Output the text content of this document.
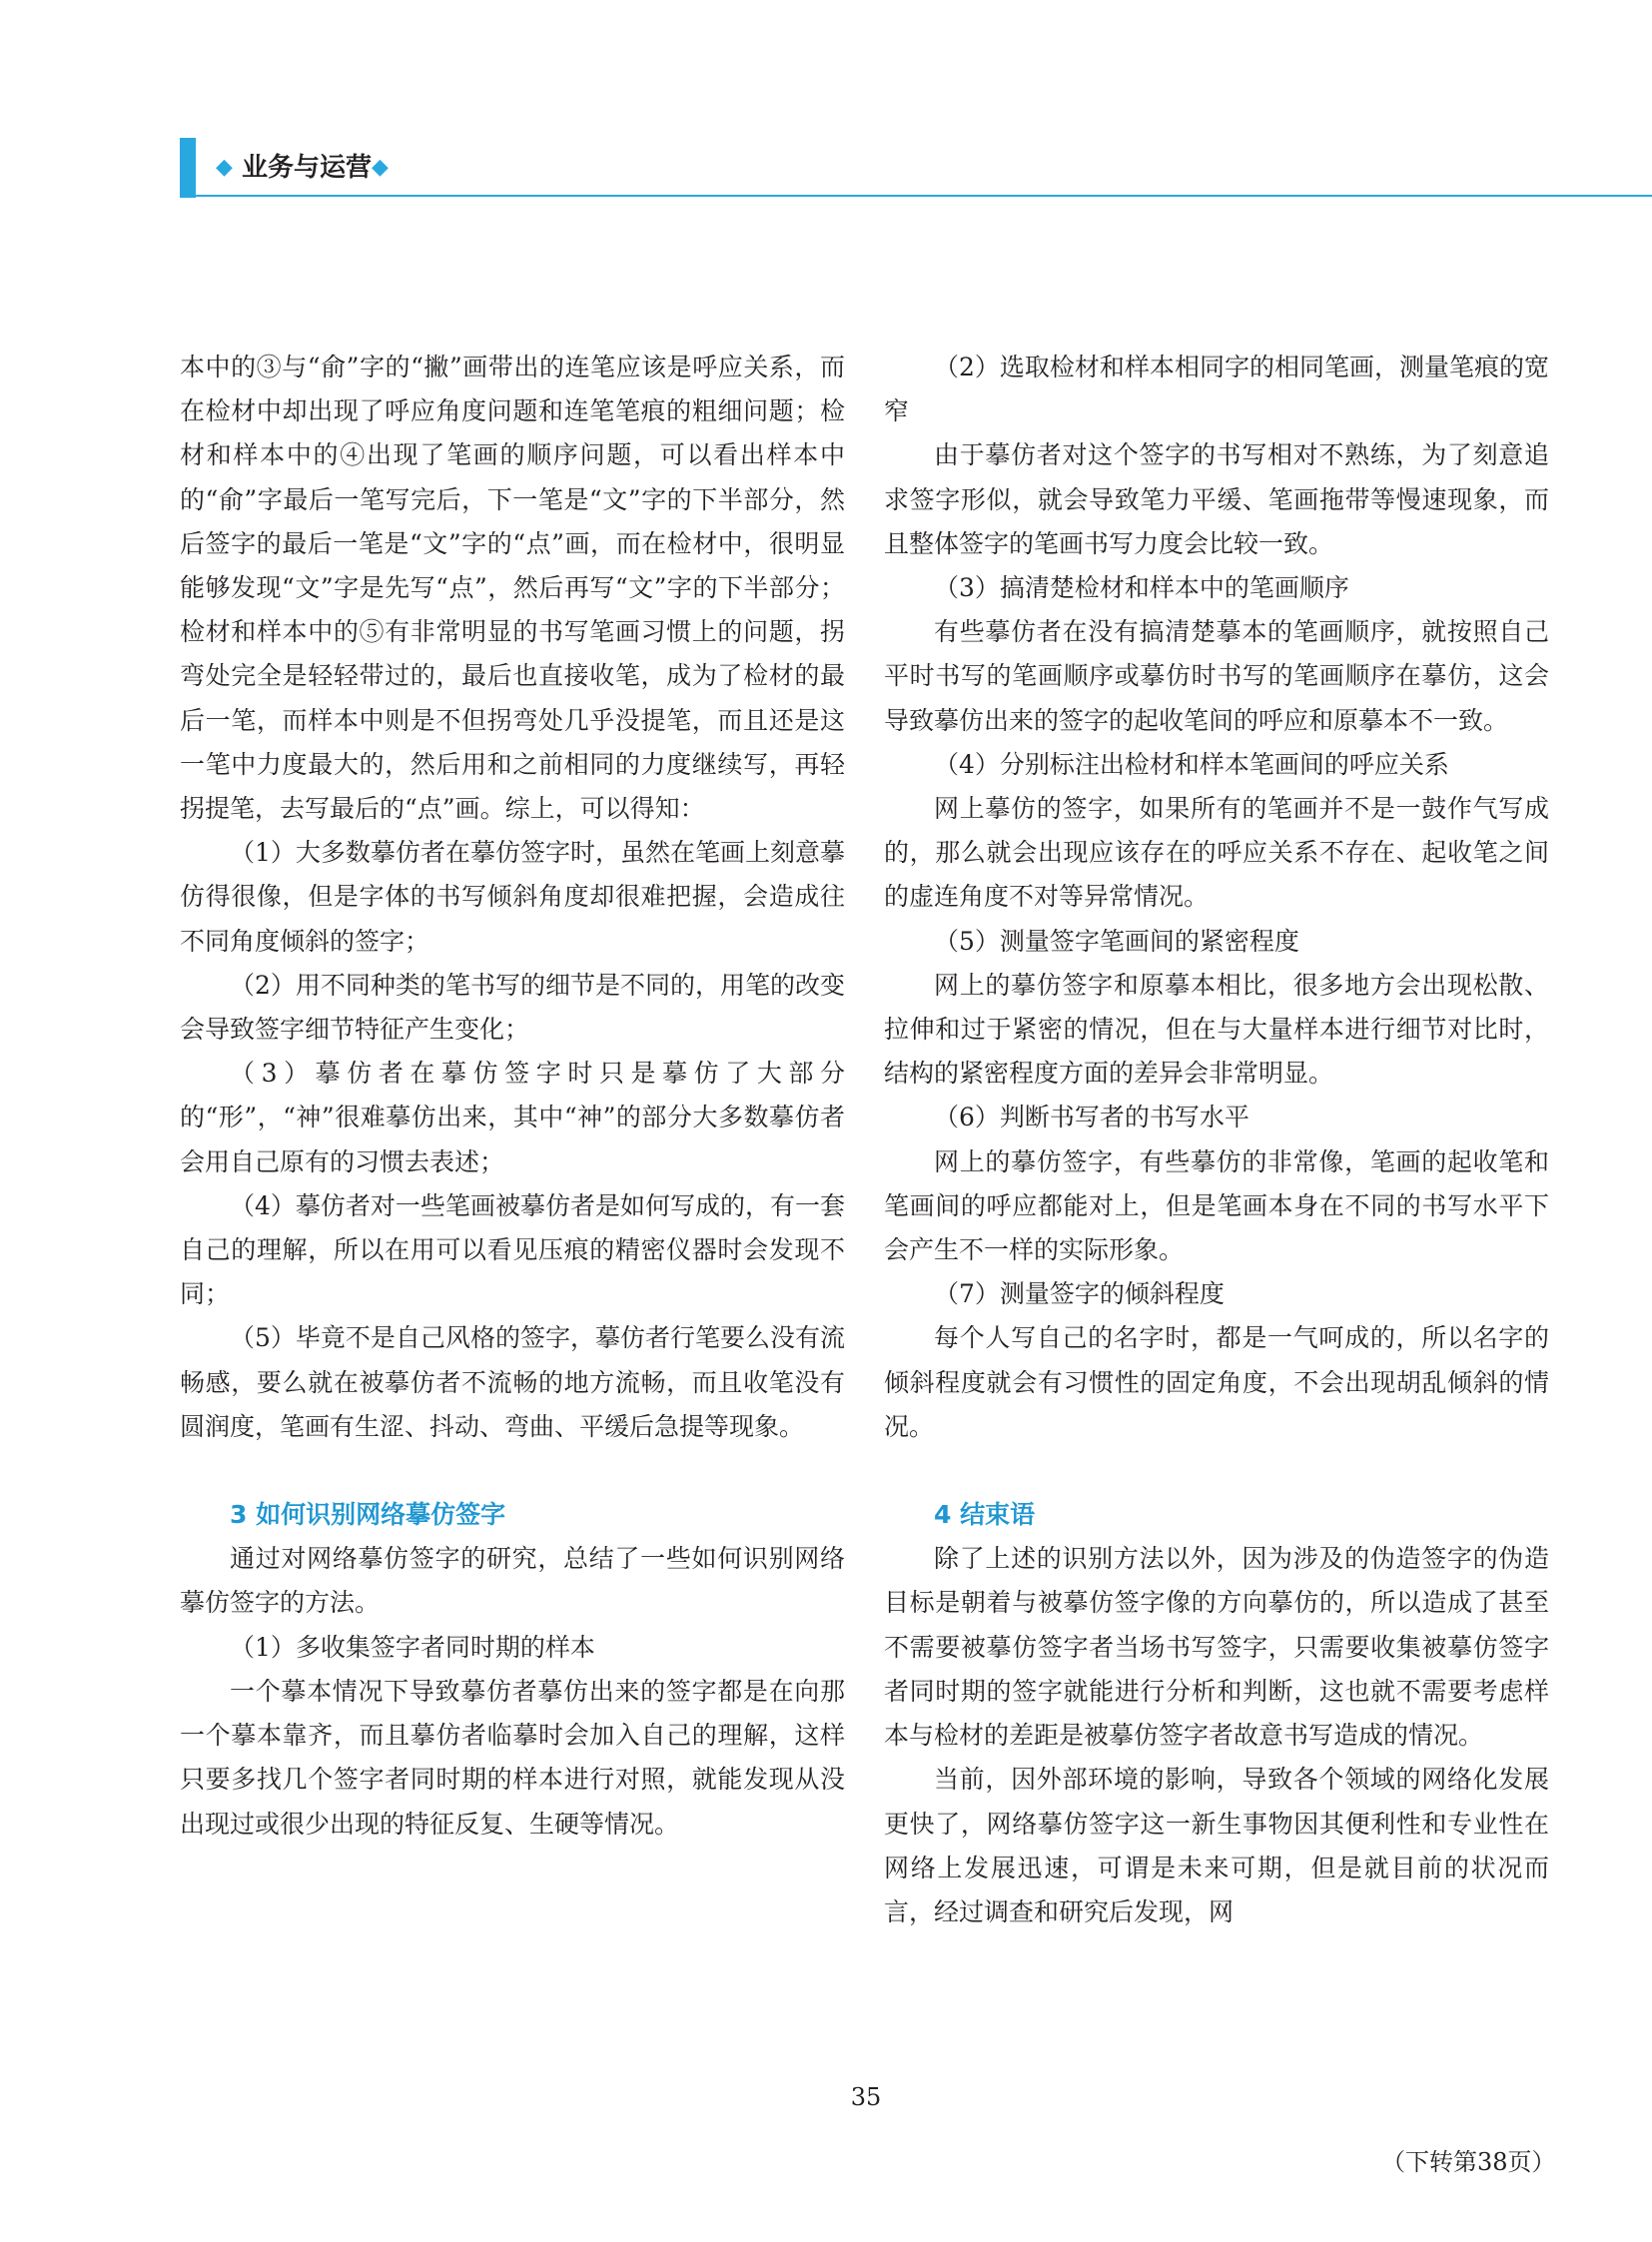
◆ 业务与运营◆

本中的③与“俞”字的“撇”画带出的连笔应该是呼应关系，而在检材中却出现了呼应角度问题和连笔笔痕的粗细问题；检材和样本中的④出现了笔画的顺序问题，可以看出样本中的“俞”字最后一笔写完后，下一笔是“文”字的下半部分，然后签字的最后一笔是“文”字的“点”画，而在检材中，很明显能够发现“文”字是先写“点”，然后再写“文”字的下半部分；检材和样本中的⑤有非常明显的书写笔画习惯上的问题，拐弯处完全是轻轻带过的，最后也直接收笔，成为了检材的最后一笔，而样本中则是不但拐弯处几乎没提笔，而且还是这一笔中力度最大的，然后用和之前相同的力度继续写，再轻拐提笔，去写最后的“点”画。综上，可以得知：

（1）大多数摹仿者在摹仿签字时，虽然在笔画上刻意摹仿得很像，但是字体的书写倾斜角度却很难把握，会造成往不同角度倾斜的签字；

（2）用不同种类的笔书写的细节是不同的，用笔的改变会导致签字细节特征产生变化；

（3）摹仿者在摹仿签字时只是摹仿了大部分的“形”，“神”很难摹仿出来，其中“神”的部分大多数摹仿者会用自己原有的习惯去表述；

（4）摹仿者对一些笔画被摹仿者是如何写成的，有一套自己的理解，所以在用可以看见压痕的精密仪器时会发现不同；

（5）毕竟不是自己风格的签字，摹仿者行笔要么没有流畅感，要么就在被摹仿者不流畅的地方流畅，而且收笔没有圆润度，笔画有生涩、抖动、弯曲、平缓后急提等现象。

3 如何识别网络摹仿签字

通过对网络摹仿签字的研究，总结了一些如何识别网络摹仿签字的方法。

（1）多收集签字者同时期的样本

一个摹本情况下导致摹仿者摹仿出来的签字都是在向那一个摹本靠齐，而且摹仿者临摹时会加入自己的理解，这样只要多找几个签字者同时期的样本进行对照，就能发现从没出现过或很少出现的特征反复、生硬等情况。

（2）选取检材和样本相同字的相同笔画，测量笔痕的宽窄

由于摹仿者对这个签字的书写相对不熟练，为了刻意追求签字形似，就会导致笔力平缓、笔画拖带等慢速现象，而且整体签字的笔画书写力度会比较一致。

（3）搞清楚检材和样本中的笔画顺序

有些摹仿者在没有搞清楚摹本的笔画顺序，就按照自己平时书写的笔画顺序或摹仿时书写的笔画顺序在摹仿，这会导致摹仿出来的签字的起收笔间的呼应和原摹本不一致。

（4）分别标注出检材和样本笔画间的呼应关系

网上摹仿的签字，如果所有的笔画并不是一鼓作气写成的，那么就会出现应该存在的呼应关系不存在、起收笔之间的虚连角度不对等异常情况。

（5）测量签字笔画间的紧密程度

网上的摹仿签字和原摹本相比，很多地方会出现松散、拉伸和过于紧密的情况，但在与大量样本进行细节对比时，结构的紧密程度方面的差异会非常明显。

（6）判断书写者的书写水平

网上的摹仿签字，有些摹仿的非常像，笔画的起收笔和笔画间的呼应都能对上，但是笔画本身在不同的书写水平下会产生不一样的实际形象。

（7）测量签字的倾斜程度

每个人写自己的名字时，都是一气呵成的，所以名字的倾斜程度就会有习惯性的固定角度，不会出现胡乱倾斜的情况。

4 结束语

除了上述的识别方法以外，因为涉及的伪造签字的伪造目标是朝着与被摹仿签字像的方向摹仿的，所以造成了甚至不需要被摹仿签字者当场书写签字，只需要收集被摹仿签字者同时期的签字就能进行分析和判断，这也就不需要考虑样本与检材的差距是被摹仿签字者故意书写造成的情况。

当前，因外部环境的影响，导致各个领域的网络化发展更快了，网络摹仿签字这一新生事物因其便利性和专业性在网络上发展迅速，可谓是未来可期，但是就目前的状况而言，经过调查和研究后发现，网

（下转第38页）
35
